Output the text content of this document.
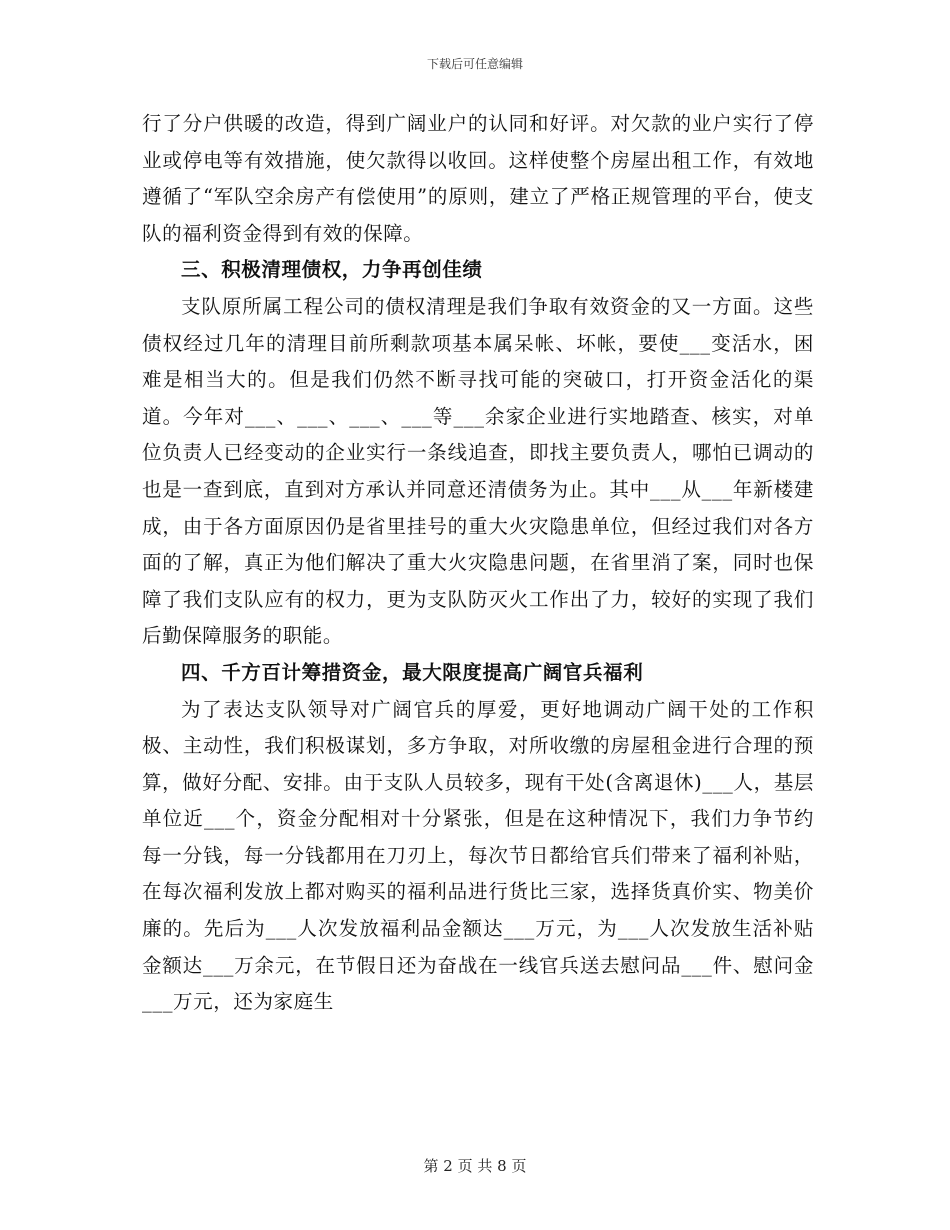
下载后可任意编辑

行了分户供暖的改造，得到广阔业户的认同和好评。对欠款的业户实行了停业或停电等有效措施，使欠款得以收回。这样使整个房屋出租工作，有效地遵循了“军队空余房产有偿使用”的原则，建立了严格正规管理的平台，使支队的福利资金得到有效的保障。

三、积极清理债权，力争再创佳绩

支队原所属工程公司的债权清理是我们争取有效资金的又一方面。这些债权经过几年的清理目前所剩款项基本属呆帐、坏帐，要使___变活水，困难是相当大的。但是我们仍然不断寻找可能的突破口，打开资金活化的渠道。今年对___、___、___、___等___余家企业进行实地踏查、核实，对单位负责人已经变动的企业实行一条线追查，即找主要负责人，哪怕已调动的也是一查到底，直到对方承认并同意还清债务为止。其中___从___年新楼建成，由于各方面原因仍是省里挂号的重大火灾隐患单位，但经过我们对各方面的了解，真正为他们解决了重大火灾隐患问题，在省里消了案，同时也保障了我们支队应有的权力，更为支队防灭火工作出了力，较好的实现了我们后勤保障服务的职能。

四、千方百计筹措资金，最大限度提高广阔官兵福利

为了表达支队领导对广阔官兵的厚爱，更好地调动广阔干处的工作积极、主动性，我们积极谋划，多方争取，对所收缴的房屋租金进行合理的预算，做好分配、安排。由于支队人员较多，现有干处(含离退休)___人，基层单位近___个，资金分配相对十分紧张，但是在这种情况下，我们力争节约每一分钱，每一分钱都用在刀刃上，每次节日都给官兵们带来了福利补贴，在每次福利发放上都对购买的福利品进行货比三家，选择货真价实、物美价廉的。先后为___人次发放福利品金额达___万元，为___人次发放生活补贴金额达___万余元，在节假日还为奋战在一线官兵送去慰问品___件、慰问金___万元，还为家庭生

第 2 页 共 8 页
